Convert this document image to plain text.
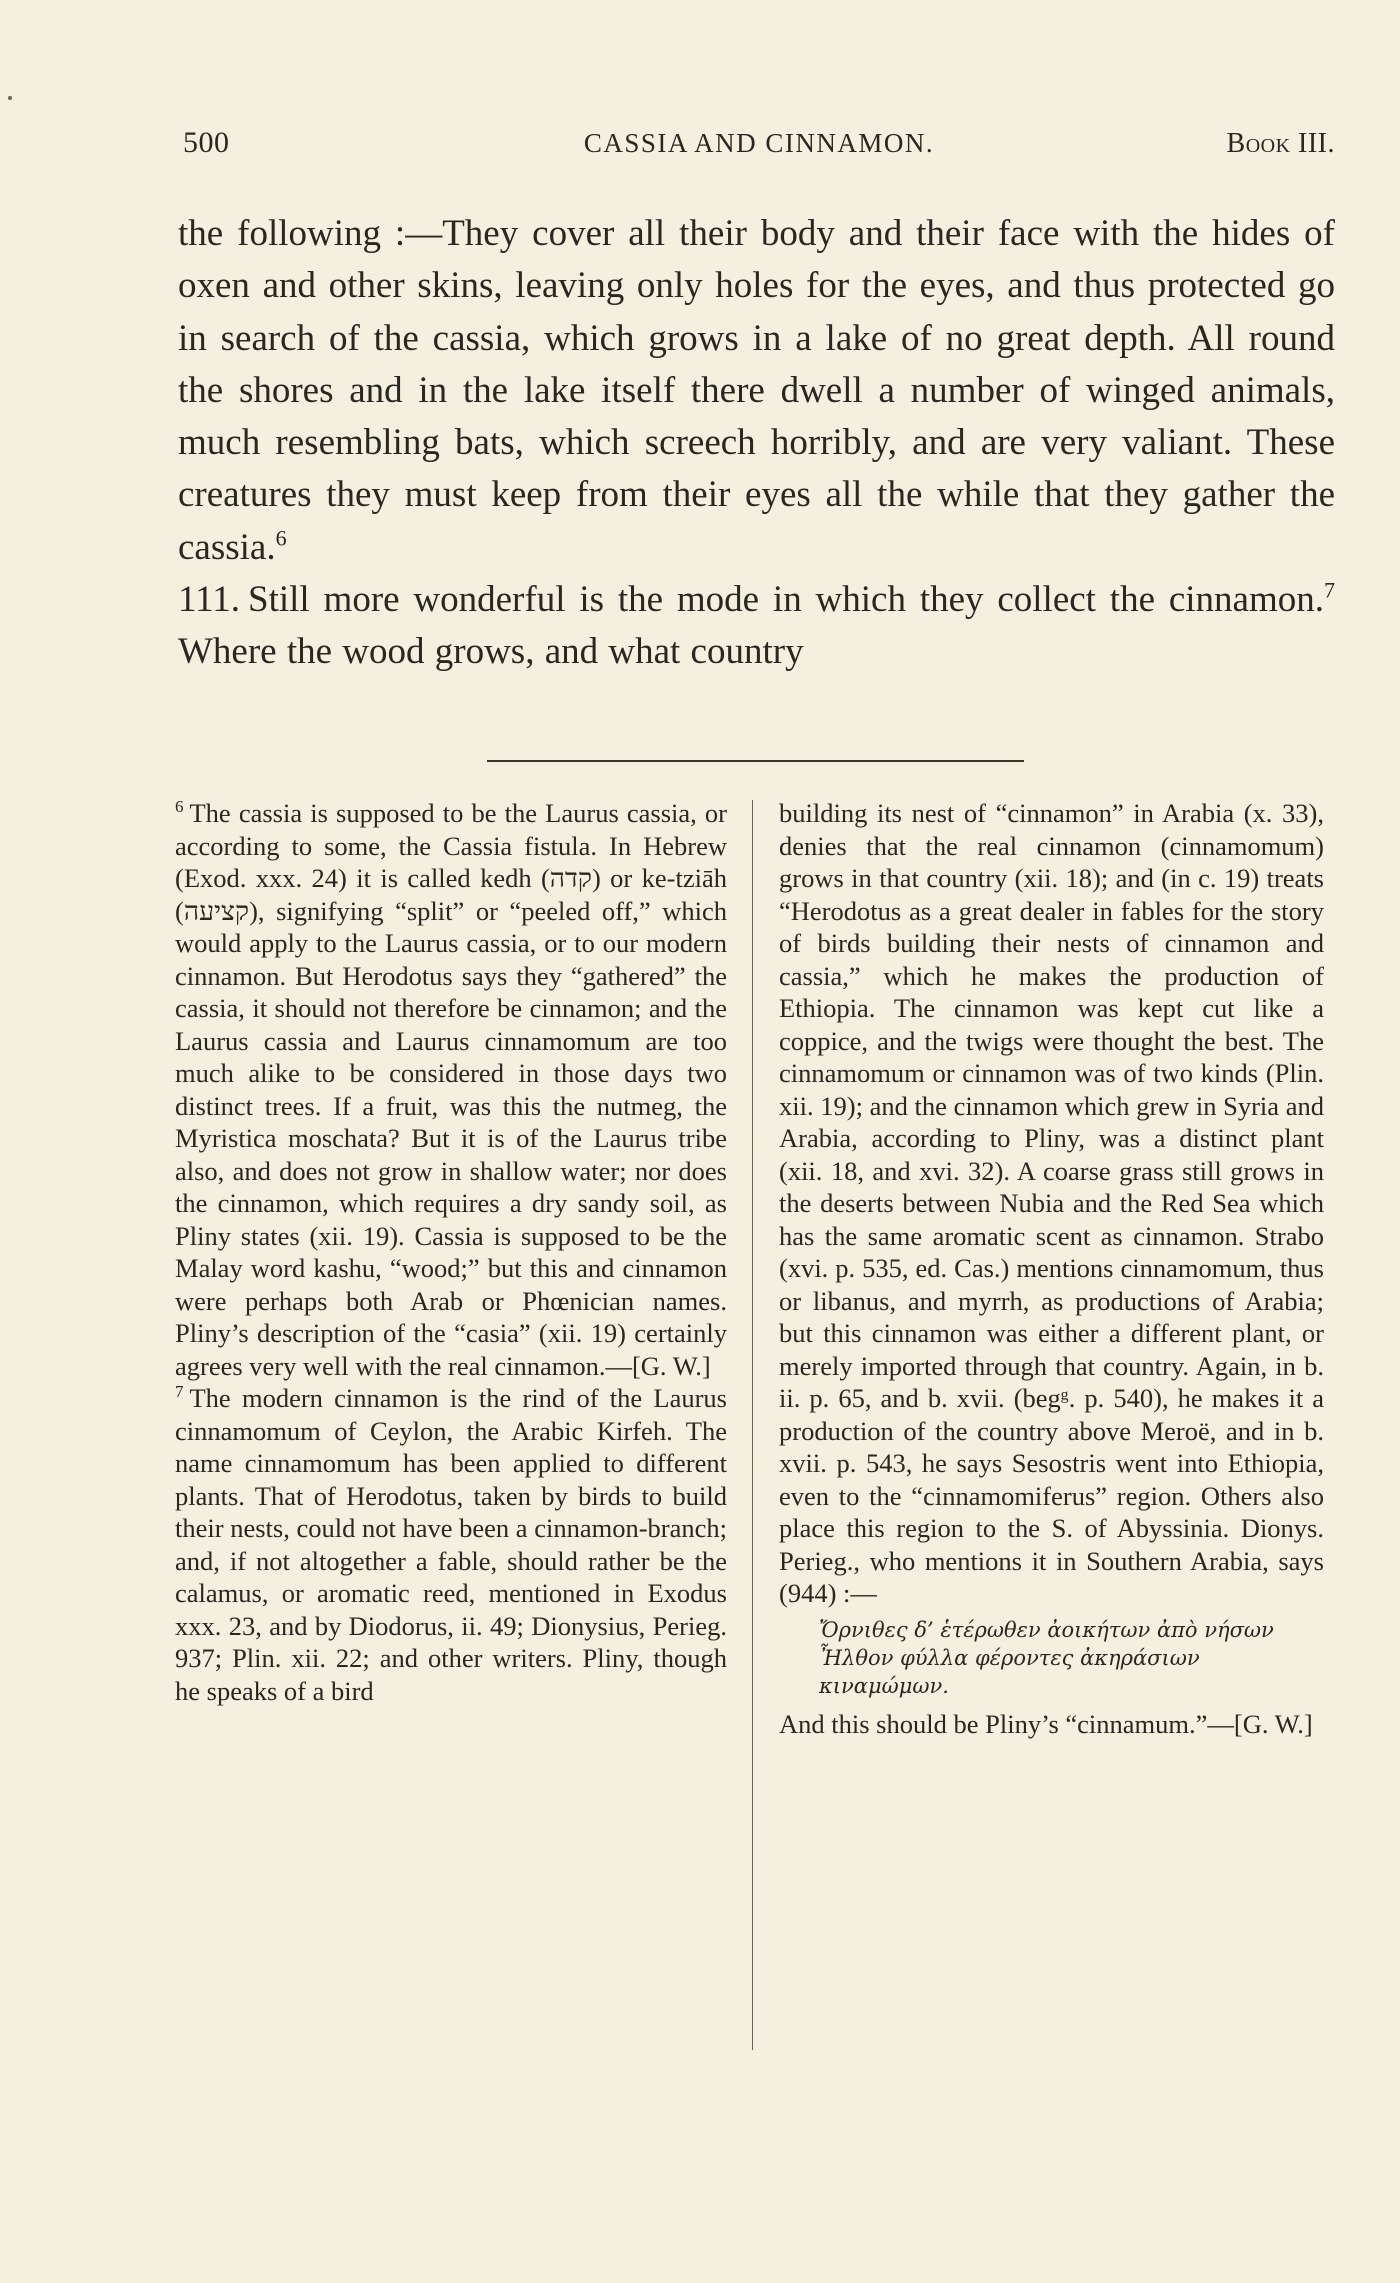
500	CASSIA AND CINNAMON.	Book III.

the following :—They cover all their body and their face with the hides of oxen and other skins, leaving only holes for the eyes, and thus protected go in search of the cassia, which grows in a lake of no great depth. All round the shores and in the lake itself there dwell a number of winged animals, much resembling bats, which screech horribly, and are very valiant. These creatures they must keep from their eyes all the while that they gather the cassia.$^6$

111. Still more wonderful is the mode in which they collect the cinnamon.$^7$ Where the wood grows, and what country

$^6$ The cassia is supposed to be the Laurus cassia, or according to some, the Cassia fistula. In Hebrew (Exod. xxx. 24) it is called kedh (קדה) or ke-tziāh (קציעה), signifying “split” or “peeled off,” which would apply to the Laurus cassia, or to our modern cinnamon. But Herodotus says they “gathered” the cassia, it should not therefore be cinnamon; and the Laurus cassia and Laurus cinnamomum are too much alike to be considered in those days two distinct trees. If a fruit, was this the nutmeg, the Myristica moschata? But it is of the Laurus tribe also, and does not grow in shallow water; nor does the cinnamon, which requires a dry sandy soil, as Pliny states (xii. 19). Cassia is supposed to be the Malay word kashu, “wood;” but this and cinnamon were perhaps both Arab or Phœnician names. Pliny’s description of the “casia” (xii. 19) certainly agrees very well with the real cinnamon.—[G. W.]

$^7$ The modern cinnamon is the rind of the Laurus cinnamomum of Ceylon, the Arabic Kirfeh. The name cinnamomum has been applied to different plants. That of Herodotus, taken by birds to build their nests, could not have been a cinnamon-branch; and, if not altogether a fable, should rather be the calamus, or aromatic reed, mentioned in Exodus xxx. 23, and by Diodorus, ii. 49; Dionysius, Perieg. 937; Plin. xii. 22; and other writers. Pliny, though he speaks of a bird

building its nest of “cinnamon” in Arabia (x. 33), denies that the real cinnamon (cinnamomum) grows in that country (xii. 18); and (in c. 19) treats “Herodotus as a great dealer in fables for the story of birds building their nests of cinnamon and cassia,” which he makes the production of Ethiopia. The cinnamon was kept cut like a coppice, and the twigs were thought the best. The cinnamomum or cinnamon was of two kinds (Plin. xii. 19); and the cinnamon which grew in Syria and Arabia, according to Pliny, was a distinct plant (xii. 18, and xvi. 32). A coarse grass still grows in the deserts between Nubia and the Red Sea which has the same aromatic scent as cinnamon. Strabo (xvi. p. 535, ed. Cas.) mentions cinnamomum, thus or libanus, and myrrh, as productions of Arabia; but this cinnamon was either a different plant, or merely imported through that country. Again, in b. ii. p. 65, and b. xvii. (begᵍ. p. 540), he makes it a production of the country above Meroë, and in b. xvii. p. 543, he says Sesostris went into Ethiopia, even to the “cinnamomiferus” region. Others also place this region to the S. of Abyssinia. Dionys. Perieg., who mentions it in Southern Arabia, says (944) :—

Ὄρνιθες δ’ ἑτέρωθεν ἀοικήτων ἀπὸ νήσων
Ἦλθον φύλλα φέροντες ἀκηράσιων κιναμώμων.

And this should be Pliny’s “cinnamum.”—[G. W.]
